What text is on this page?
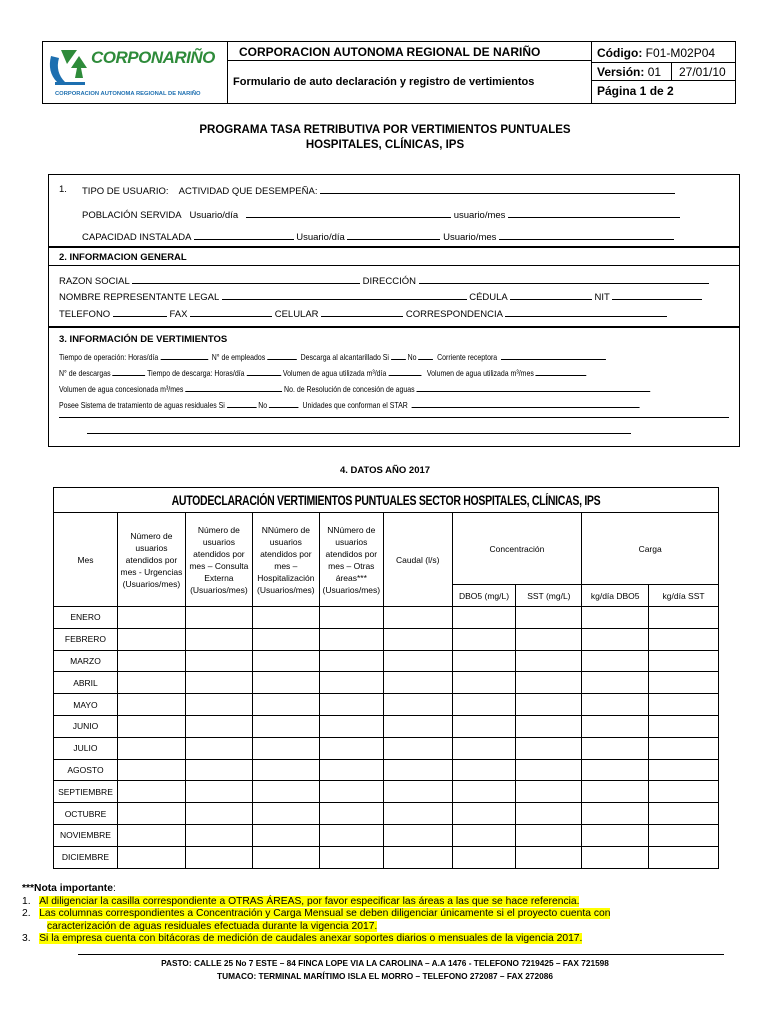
CORPONARIÑO
CORPORACION AUTONOMA REGIONAL DE NARIÑO
CORPORACION AUTONOMA REGIONAL DE NARIÑO
Formulario de auto declaración y registro de vertimientos
Código: F01-M02P04
Versión: 01 27/01/10
Página 1 de 2
PROGRAMA TASA RETRIBUTIVA POR VERTIMIENTOS PUNTUALES
HOSPITALES, CLÍNICAS, IPS
1. TIPO DE USUARIO: ACTIVIDAD QUE DESEMPEÑA:
POBLACIÓN SERVIDA Usuario/día	usuario/mes
CAPACIDAD INSTALADA	Usuario/día	Usuario/mes
2. INFORMACION GENERAL
RAZON SOCIAL	DIRECCIÓN
NOMBRE REPRESENTANTE LEGAL	CÉDULA	NIT
TELEFONO	FAX	CELULAR	CORRESPONDENCIA
3. INFORMACIÓN DE VERTIMIENTOS
Tiempo de operación: Horas/día	N° de empleados	Descarga al alcantarillado Si No Corriente receptora
N° de descargas	Tiempo de descarga: Horas/día	Volumen de agua utilizada m³/día	Volumen de agua utilizada m³/mes
Volumen de agua concesionada m³/mes	No. de Resolución de concesión de aguas
Posee Sistema de tratamiento de aguas residuales Si	No	Unidades que conforman el STAR
4. DATOS AÑO 2017
AUTODECLARACIÓN VERTIMIENTOS PUNTUALES SECTOR HOSPITALES, CLÍNICAS, IPS									

Mes	Número de usuarios atendidos por mes - Urgencias (Usuarios/mes)	Número de usuarios atendidos por mes – Consulta Externa (Usuarios/mes)	NNúmero de usuarios atendidos por mes – Hospitalización (Usuarios/mes)	NNúmero de usuarios atendidos por mes – Otras áreas*** (Usuarios/mes)	Caudal (l/s)	Concentración		Carga	
						DBO5 (mg/L)	SST (mg/L)	kg/día DBO5	kg/día SST
ENERO									
FEBRERO									
MARZO									
ABRIL									
MAYO									
JUNIO									
JULIO									
AGOSTO									
SEPTIEMBRE									
OCTUBRE									
NOVIEMBRE									
DICIEMBRE									
***Nota importante:
1. Al diligenciar la casilla correspondiente a OTRAS ÁREAS, por favor especificar las áreas a las que se hace referencia.
2. Las columnas correspondientes a Concentración y Carga Mensual se deben diligenciar únicamente si el proyecto cuenta con
caracterización de aguas residuales efectuada durante la vigencia 2017.
3. Si la empresa cuenta con bitácoras de medición de caudales anexar soportes diarios o mensuales de la vigencia 2017.
PASTO: CALLE 25 No 7 ESTE – 84 FINCA LOPE VIA LA CAROLINA – A.A 1476 - TELEFONO 7219425 – FAX 721598
TUMACO: TERMINAL MARÍTIMO ISLA EL MORRO – TELEFONO 272087 – FAX 272086
